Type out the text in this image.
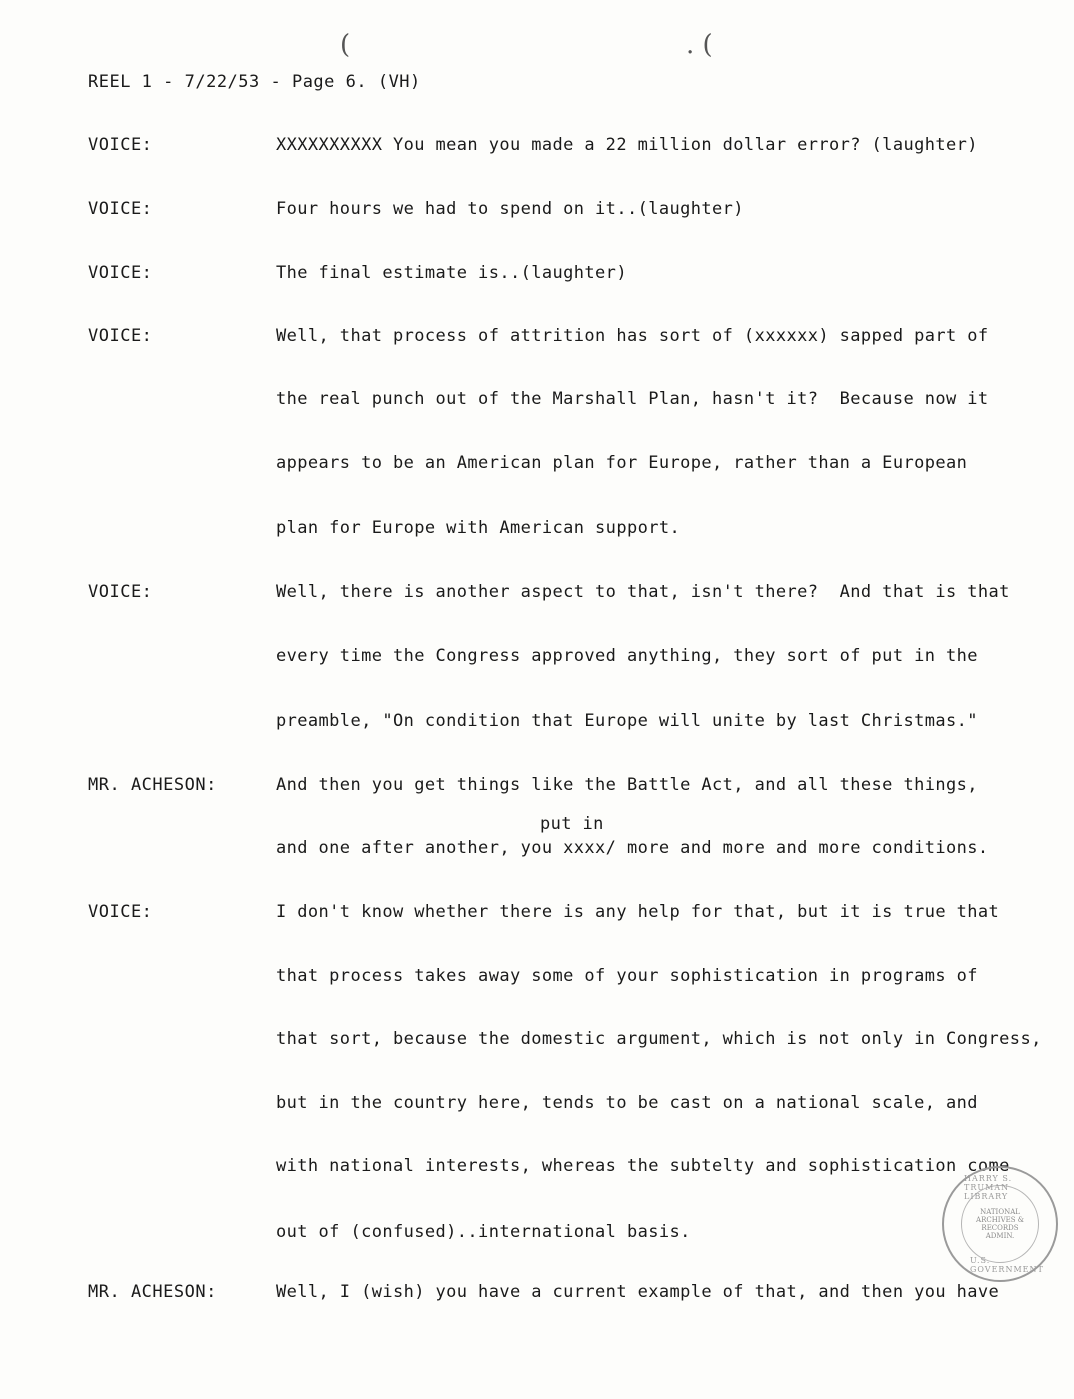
(	. (
REEL 1 - 7/22/53 - Page 6. (VH)
VOICE:	XXXXXXXXXX You mean you made a 22 million dollar error? (laughter)
VOICE:	Four hours we had to spend on it..(laughter)
VOICE:	The final estimate is..(laughter)
VOICE:	Well, that process of attrition has sort of (xxxxxx) sapped part of
the real punch out of the Marshall Plan, hasn't it?  Because now it
appears to be an American plan for Europe, rather than a European
plan for Europe with American support.
VOICE:	Well, there is another aspect to that, isn't there?  And that is that
every time the Congress approved anything, they sort of put in the
preamble, "On condition that Europe will unite by last Christmas."
MR. ACHESON:	And then you get things like the Battle Act, and all these things,
put in
and one after another, you xxxx/ more and more and more conditions.
VOICE:	I don't know whether there is any help for that, but it is true that
that process takes away some of your sophistication in programs of
that sort, because the domestic argument, which is not only in Congress,
but in the country here, tends to be cast on a national scale, and
with national interests, whereas the subtelty and sophistication come
out of (confused)..international basis.
MR. ACHESON:	Well, I (wish) you have a current example of that, and then you have
HARRY S. TRUMAN LIBRARY
NATIONAL
ARCHIVES &
RECORDS
ADMIN.
U.S. GOVERNMENT
